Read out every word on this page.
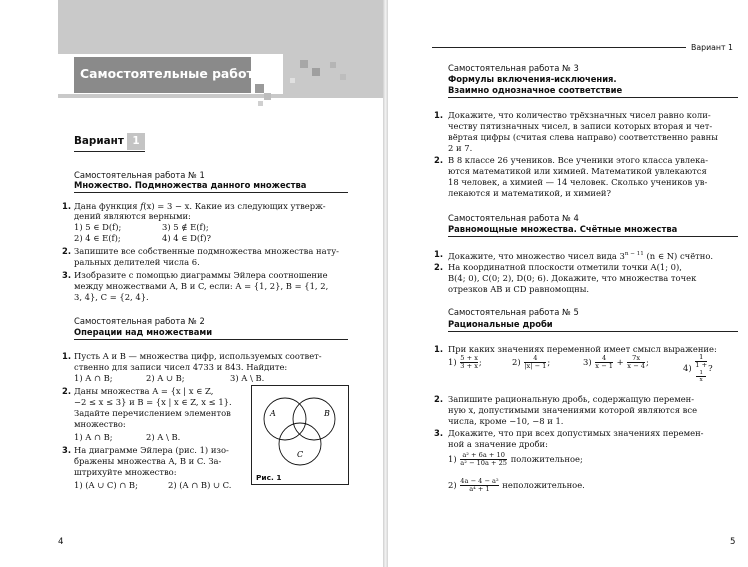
Самостоятельные работы
Вариант 1
Самостоятельная работа № 1
Множество. Подмножества данного множества
1. Дана функция f(x) = 3 − x. Какие из следующих утверж-
дений являются верными:
1) 5 ∈ D(f);	3) 5 ∉ E(f);
2) 4 ∈ E(f);	4) 4 ∈ D(f)?
2. Запишите все собственные подмножества множества нату-
ральных делителей числа 6.
3. Изобразите с помощью диаграммы Эйлера соотношение
между множествами A, B и C, если: A = {1, 2}, B = {1, 2,
3, 4}, C = {2, 4}.
Самостоятельная работа № 2
Операции над множествами
1. Пусть A и B — множества цифр, используемых соответ-
ственно для записи чисел 4733 и 843. Найдите:
1) A ∩ B;	2) A ∪ B;	3) A \ B.
2. Даны множества A = {x | x ∈ Z,
−2 ≤ x ≤ 3} и B = {x | x ∈ Z, x ≤ 1}.
Задайте перечислением элементов
множество:
1) A ∩ B;	2) A \ B.
3. На диаграмме Эйлера (рис. 1) изо-
бражены множества A, B и C. За-
штрихуйте множество:
1) (A ∪ C) ∩ B;	2) (A ∩ B) ∪ C.
A	B
C
Рис. 1
4
Вариант 1
Самостоятельная работа № 3
Формулы включения-исключения.
Взаимно однозначное соответствие
1. Докажите, что количество трёхзначных чисел равно коли-
честву пятизначных чисел, в записи которых вторая и чет-
вёртая цифры (считая слева направо) соответственно равны
2 и 7.
2. В 8 классе 26 учеников. Все ученики этого класса увлека-
ются математикой или химией. Математикой увлекаются
18 человек, а химией — 14 человек. Сколько учеников ув-
лекаются и математикой, и химией?
Самостоятельная работа № 4
Равномощные множества. Счётные множества
1. Докажите, что множество чисел вида $3^{n - 11}$ (n ∈ N) счётно.
2. На координатной плоскости отметили точки A(1; 0),
B(4; 0), C(0; 2), D(0; 6). Докажите, что множества точек
отрезков AB и CD равномощны.
Самостоятельная работа № 5
Рациональные дроби
1. При каких значениях переменной имеет смысл выражение:
$1) \frac{5 + x}{3 + x}$ ;	$2) \frac{4}{|x| - 1}$ ;	$3) \frac{4}{x - 1} + \frac{7x}{x - 4}$ ;
4) 1
1 +
1
x ?
2. Запишите рациональную дробь, содержащую перемен-
ную x, допустимыми значениями которой являются все
числа, кроме −10, −8 и 1.
3. Докажите, что при всех допустимых значениях перемен-
ной a значение дроби:
$1) \frac{\text{a² + 6a + 10}}{\text{a² − 10a + 25}}$ положительное;
$2) \frac{\text{4a − 4 − a²}}{\text{a⁴ + 1}}$ неположительное.
5
